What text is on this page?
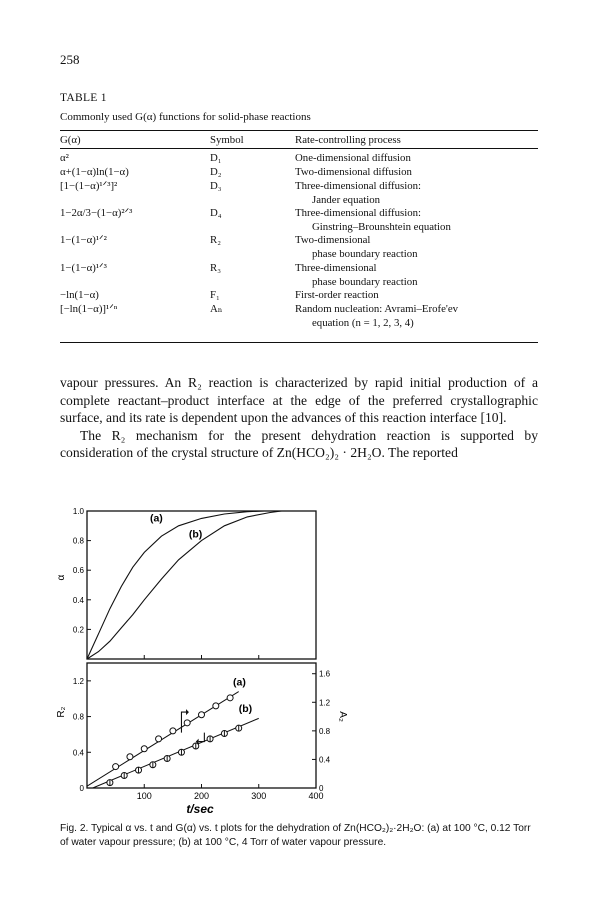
258
TABLE 1
Commonly used G(α) functions for solid-phase reactions
G(α)	Symbol	Rate-controlling process
α²	D₁	One-dimensional diffusion
α+(1−α)ln(1−α)	D₂	Two-dimensional diffusion
[1−(1−α)¹ᐟ³]²	D₃	Three-dimensional diffusion:
Jander equation
1−2α/3−(1−α)²ᐟ³	D₄	Three-dimensional diffusion:
Ginstring–Brounshtein equation
1−(1−α)¹ᐟ²	R₂	Two-dimensional
phase boundary reaction
1−(1−α)¹ᐟ³	R₃	Three-dimensional
phase boundary reaction
−ln(1−α)	F₁	First-order reaction
[−ln(1−α)]¹ᐟⁿ	Aₙ	Random nucleation: Avrami–Erofe'ev
equation (n = 1, 2, 3, 4)

vapour pressures. An R₂ reaction is characterized by rapid initial production of a complete reactant–product interface at the edge of the preferred crystallographic surface, and its rate is dependent upon the advances of this reaction interface [10].

The R₂ mechanism for the present dehydration reaction is supported by consideration of the crystal structure of Zn(HCO₂)₂ · 2H₂O. The reported

100	200	300	400
0.2
0.4
0.6
0.8
1.0
0
0.4
0.8
1.2
0
0.4
0.8
1.2
1.6
t/sec
α
R₂	A₂
(a)
(b)
(a)
(b)
Fig. 2. Typical α vs. t and G(α) vs. t plots for the dehydration of Zn(HCO₂)₂·2H₂O: (a) at 100 °C, 0.12 Torr of water vapour pressure; (b) at 100 °C, 4 Torr of water vapour pressure.
